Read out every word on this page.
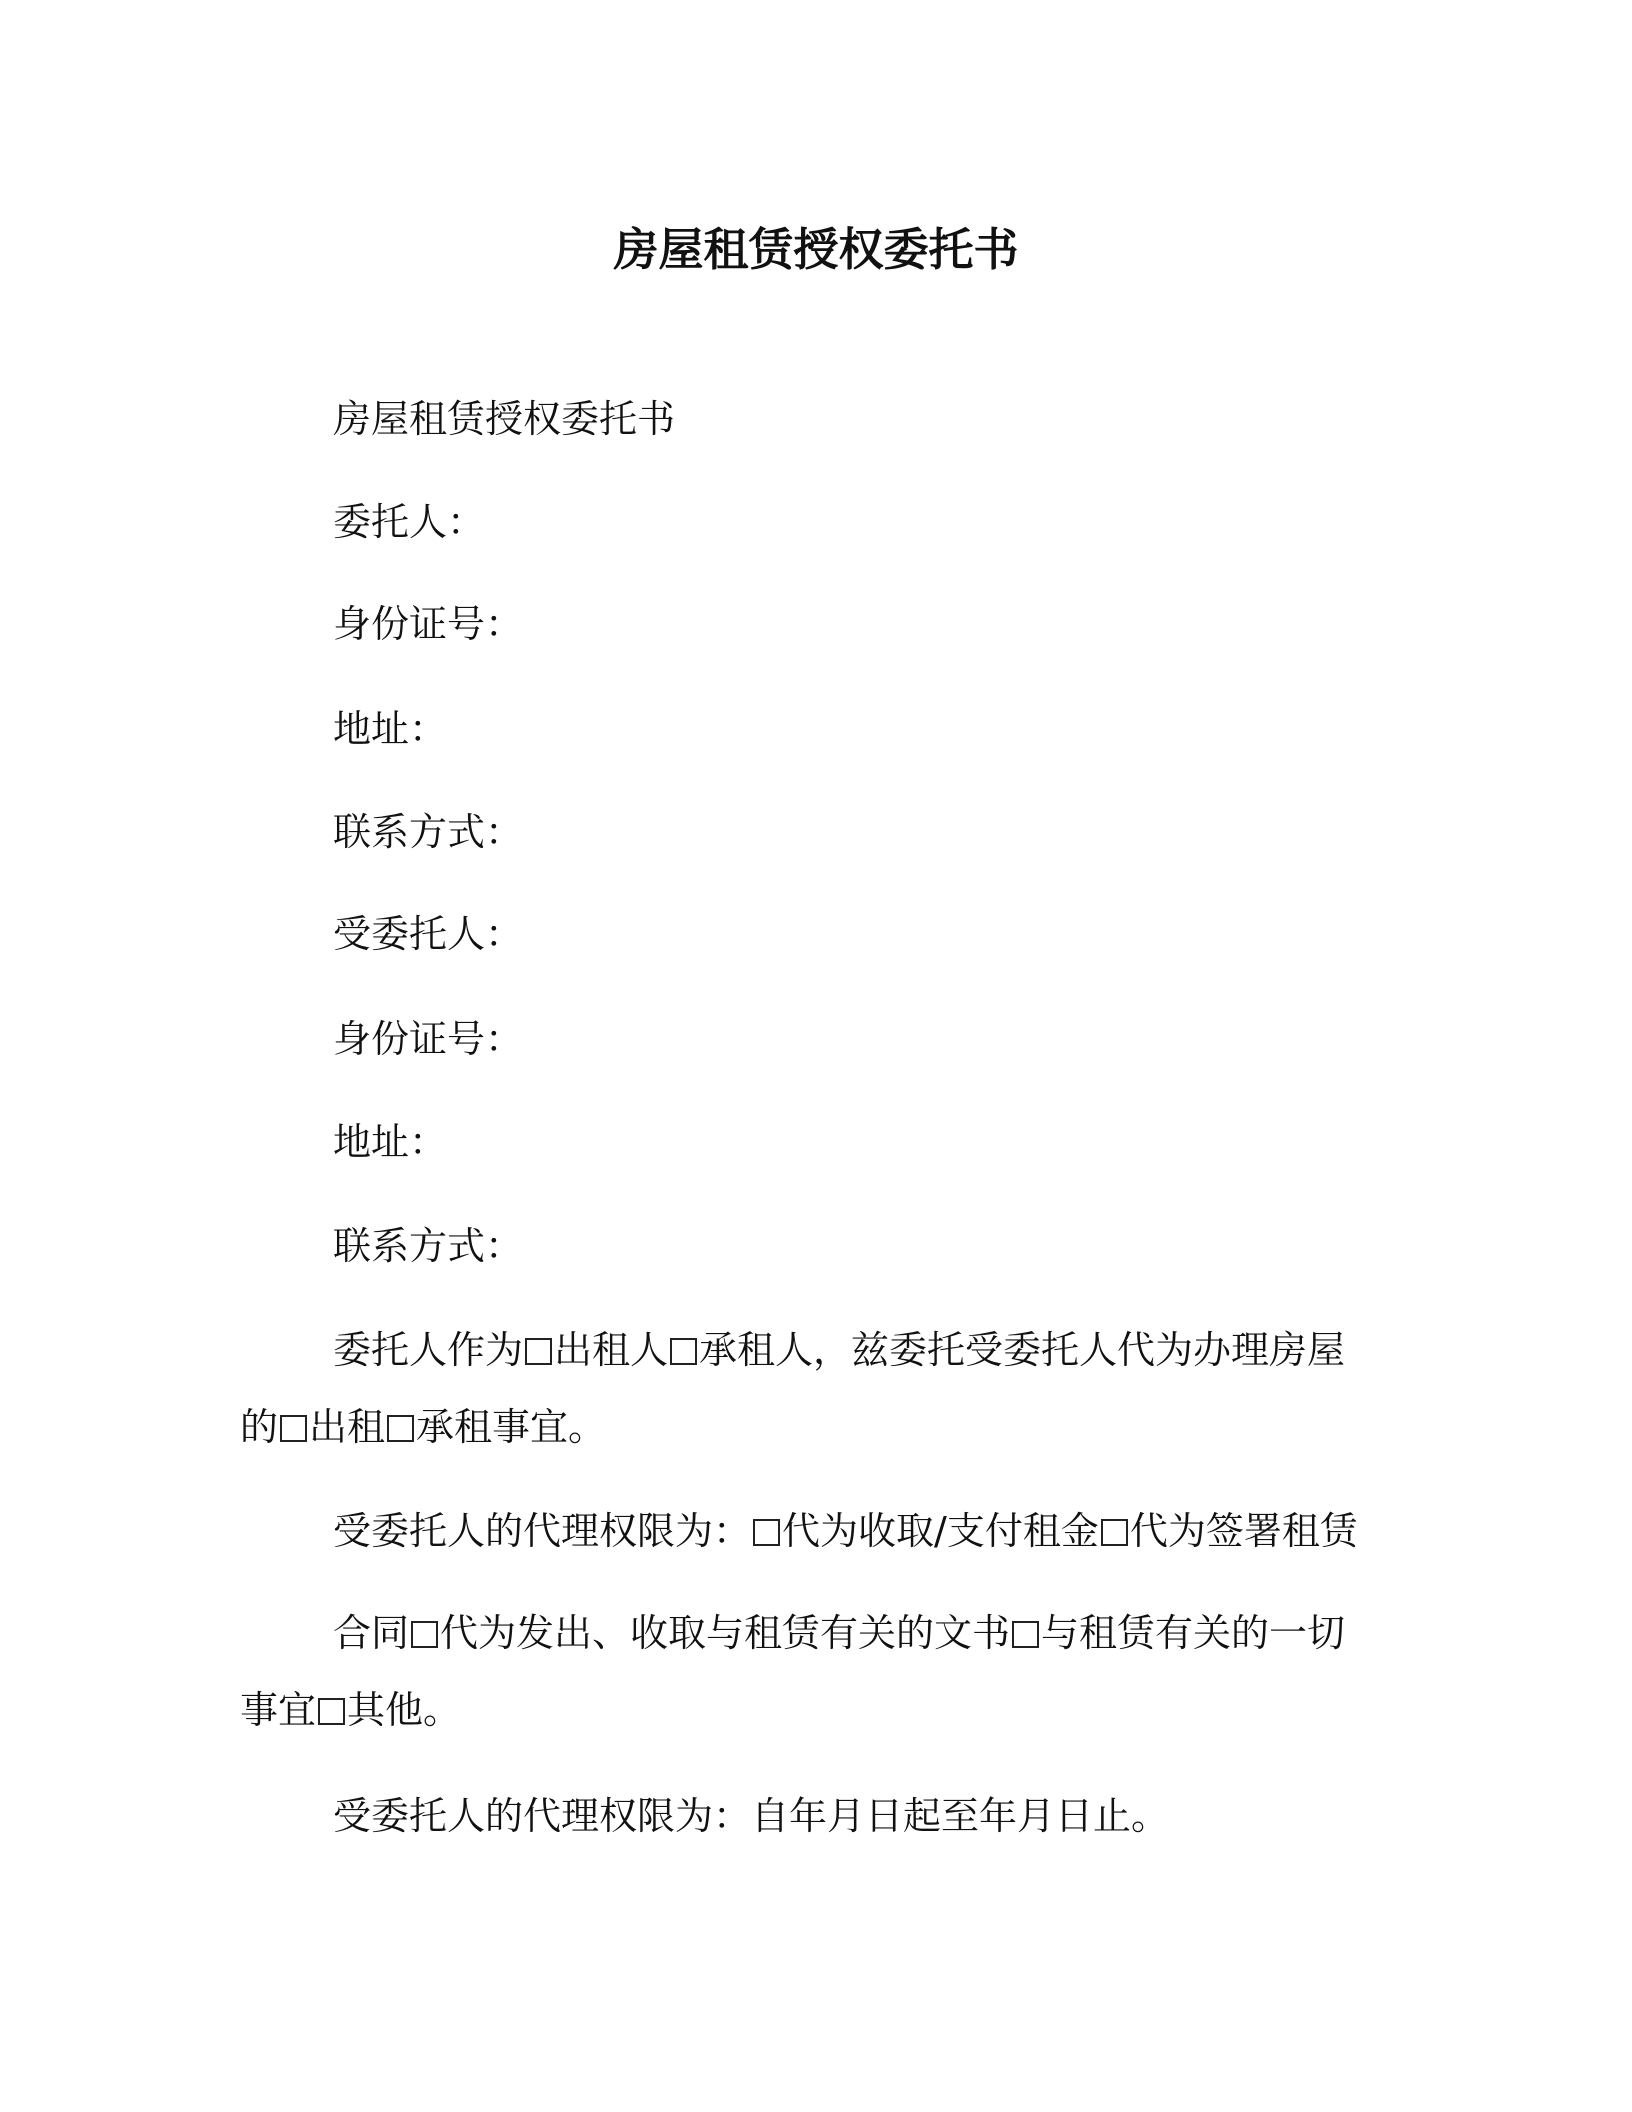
房屋租赁授权委托书
房屋租赁授权委托书
委托人：
身份证号：
地址：
联系方式：
受委托人：
身份证号：
地址：
联系方式：
委托人作为 出租人 承租人，兹委托受委托人代为办理房屋的 出租 承租事宜。
受委托人的代理权限为： 代为收取/支付租金 代为签署租赁
合同 代为发出、收取与租赁有关的文书 与租赁有关的一切事宜 其他。
受委托人的代理权限为：自年月日起至年月日止。
